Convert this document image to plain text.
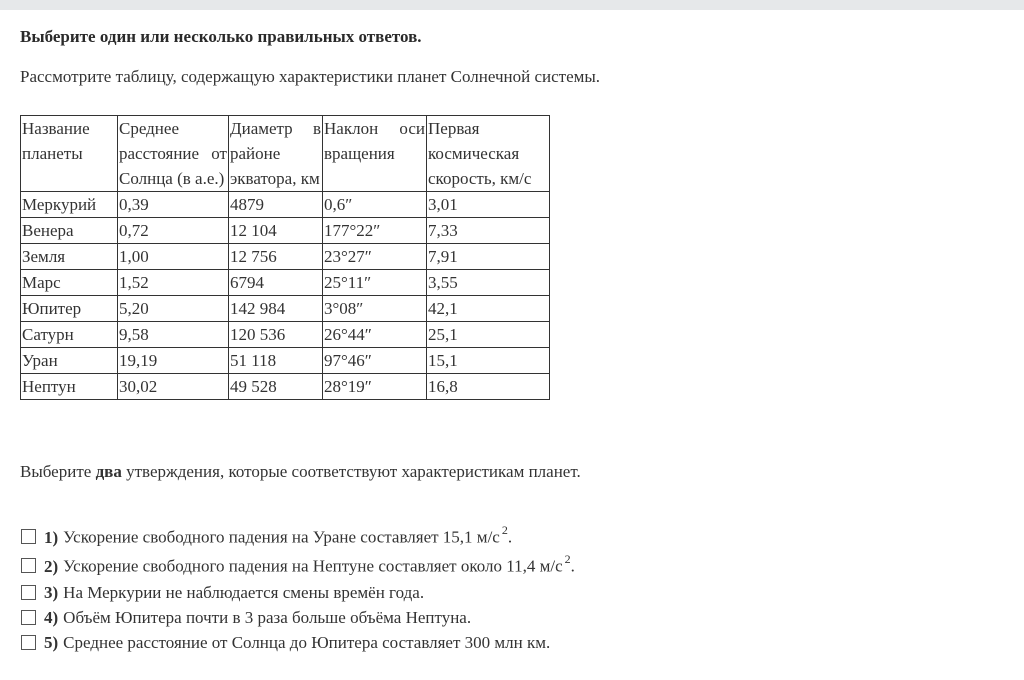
Выберите один или несколько правильных ответов.

Рассмотрите таблицу, содержащую характеристики планет Солнечной системы.

Название планеты	Среднее расстояние от Солнца (в а.е.)	Диаметр в районе экватора, км	Наклон оси вращения	Первая космическая скорость, км/с
Меркурий	0,39	4879	0,6″	3,01
Венера	0,72	12 104	177°22″	7,33
Земля	1,00	12 756	23°27″	7,91
Марс	1,52	6794	25°11″	3,55
Юпитер	5,20	142 984	3°08″	42,1
Сатурн	9,58	120 536	26°44″	25,1
Уран	19,19	51 118	97°46″	15,1
Нептун	30,02	49 528	28°19″	16,8

Выберите два утверждения, которые соответствуют характеристикам планет.

1) Ускорение свободного падения на Уране составляет 15,1 м/с $^2$.
2) Ускорение свободного падения на Нептуне составляет около 11,4 м/с $^2$.
3) На Меркурии не наблюдается смены времён года.
4) Объём Юпитера почти в 3 раза больше объёма Нептуна.
5) Среднее расстояние от Солнца до Юпитера составляет 300 млн км.
